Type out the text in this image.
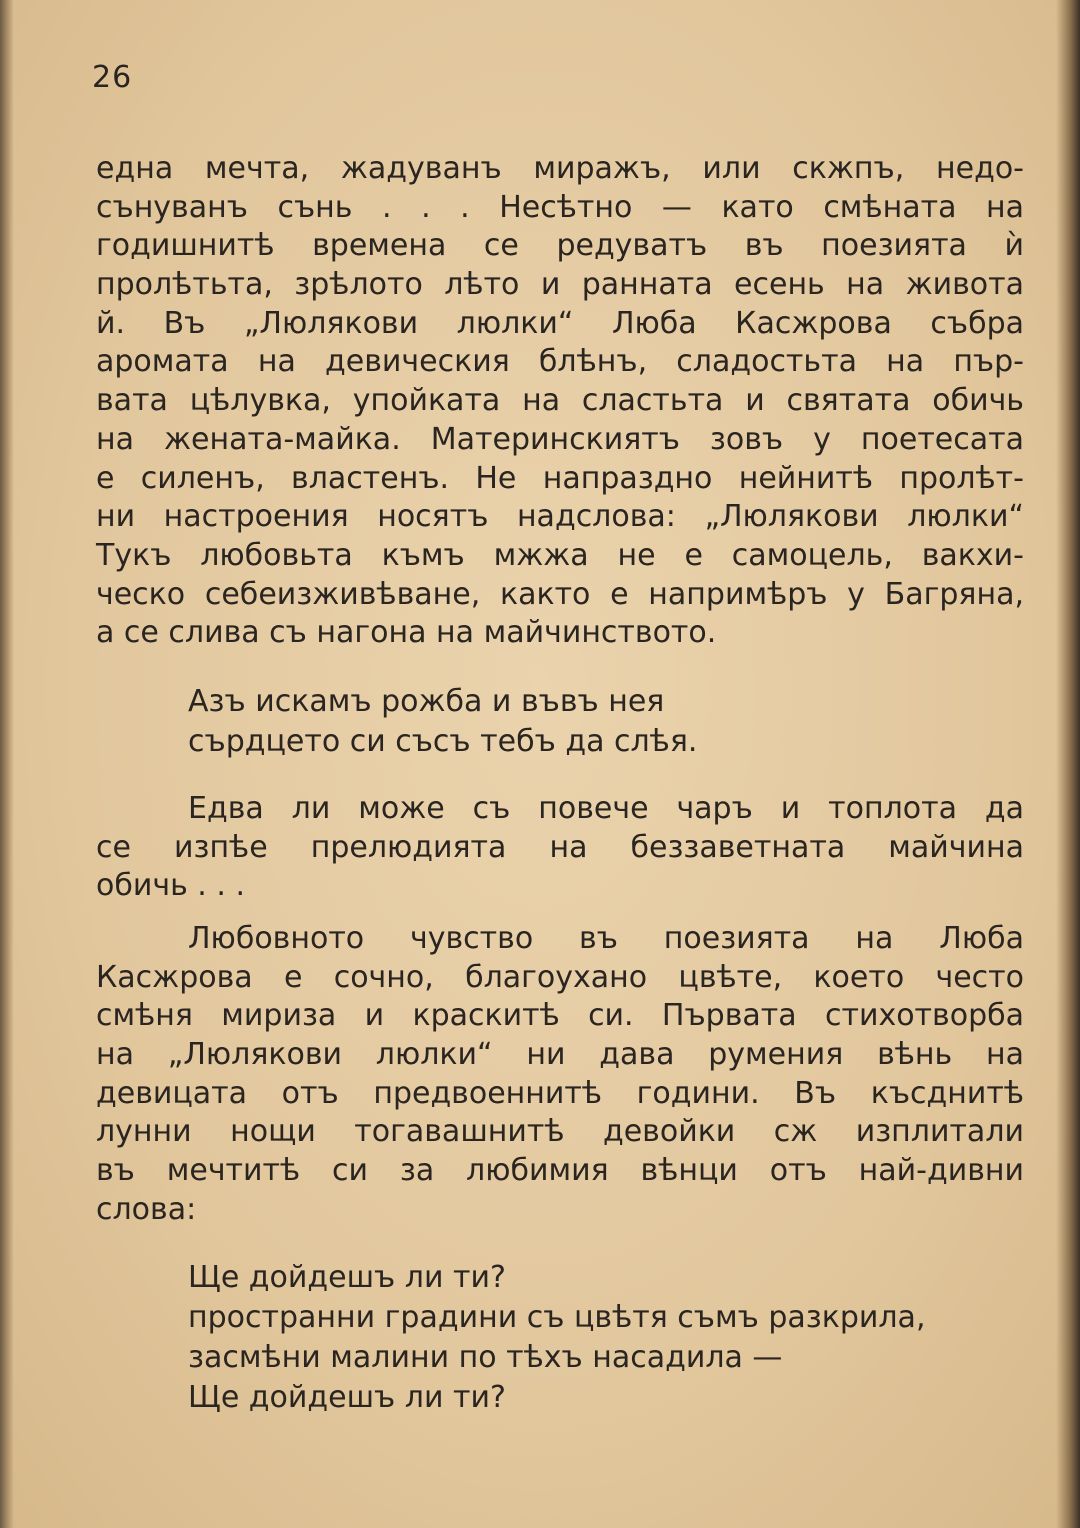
26
една мечта, жадуванъ миражъ, или скжпъ, недо-
сънуванъ сънь . . . Несѣтно — като смѣната на
годишнитѣ времена се редуватъ въ поезията ѝ
пролѣтьта, зрѣлото лѣто и ранната есень на живота
й. Въ „Люлякови люлки“ Люба Касжрова събра
аромата на девическия блѣнъ, сладостьта на пър-
вата цѣлувка, упойката на сластьта и святата обичь
на жената-майка. Материнскиятъ зовъ у поетесата
е силенъ, властенъ. Не напраздно нейнитѣ пролѣт-
ни настроения носятъ надслова: „Люлякови люлки“
Тукъ любовьта къмъ мжжа не е самоцель, вакхи-
ческо себеизживѣване, както е напримѣръ у Багряна,
а се слива съ нагона на майчинството.
Азъ искамъ рожба и въвъ нея
сърдцето си съсъ тебъ да слѣя.
Едва ли може съ повече чаръ и топлота да
се изпѣе прелюдията на беззаветната майчина
обичь . . .
Любовното чувство въ поезията на Люба
Касжрова е сочно, благоухано цвѣте, което често
смѣня мириза и краскитѣ си. Първата стихотворба
на „Люлякови люлки“ ни дава румения вѣнь на
девицата отъ предвоеннитѣ години. Въ късднитѣ
лунни нощи тогавашнитѣ девойки сж изплитали
въ мечтитѣ си за любимия вѣнци отъ най-дивни
слова:
Ще дойдешъ ли ти?
пространни градини съ цвѣтя съмъ разкрила,
засмѣни малини по тѣхъ насадила —
Ще дойдешъ ли ти?
